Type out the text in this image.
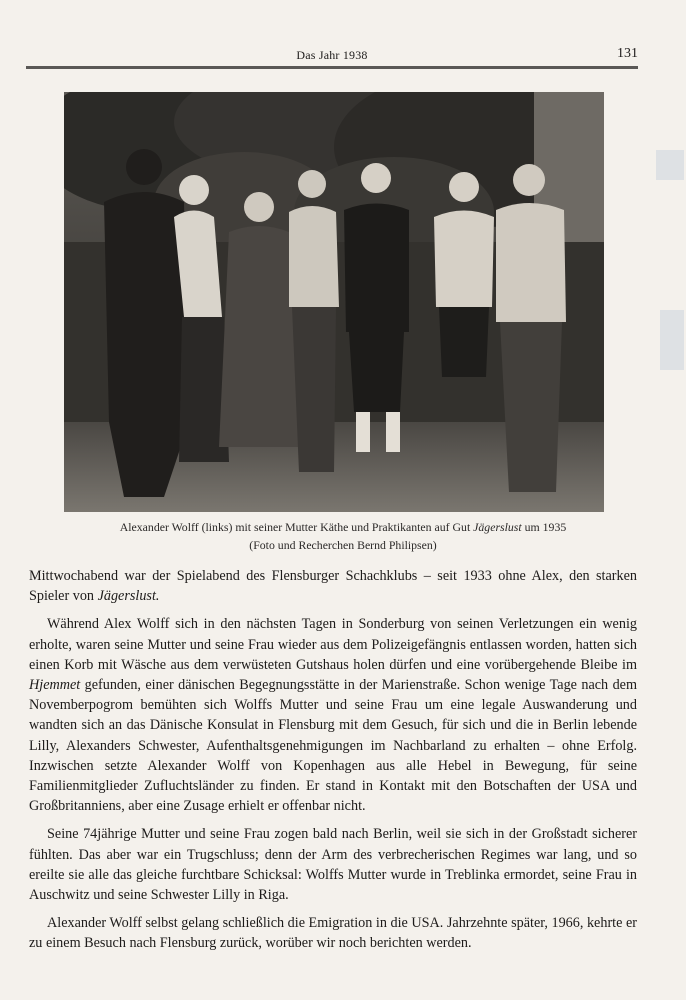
Das Jahr 1938	131
Alexander Wolff (links) mit seiner Mutter Käthe und Praktikanten auf Gut Jägerslust um 1935
(Foto und Recherchen Bernd Philipsen)

Mittwochabend war der Spielabend des Flensburger Schachklubs – seit 1933 ohne Alex, den starken Spieler von Jägerslust.

Während Alex Wolff sich in den nächsten Tagen in Sonderburg von seinen Verletzungen ein wenig erholte, waren seine Mutter und seine Frau wieder aus dem Polizeigefängnis entlassen worden, hatten sich einen Korb mit Wäsche aus dem verwüsteten Gutshaus holen dürfen und eine vorübergehende Bleibe im Hjemmet gefunden, einer dänischen Begegnungsstätte in der Marienstraße. Schon wenige Tage nach dem Novemberpogrom bemühten sich Wolffs Mutter und seine Frau um eine legale Auswanderung und wandten sich an das Dänische Konsulat in Flensburg mit dem Gesuch, für sich und die in Berlin lebende Lilly, Alexanders Schwester, Aufenthaltsgenehmigungen im Nachbarland zu erhalten – ohne Erfolg. Inzwischen setzte Alexander Wolff von Kopenhagen aus alle Hebel in Bewegung, für seine Familienmitglieder Zufluchtsländer zu finden. Er stand in Kontakt mit den Botschaften der USA und Großbritanniens, aber eine Zusage erhielt er offenbar nicht.

Seine 74jährige Mutter und seine Frau zogen bald nach Berlin, weil sie sich in der Großstadt sicherer fühlten. Das aber war ein Trugschluss; denn der Arm des verbrecherischen Regimes war lang, und so ereilte sie alle das gleiche furchtbare Schicksal: Wolffs Mutter wurde in Treblinka ermordet, seine Frau in Auschwitz und seine Schwester Lilly in Riga.

Alexander Wolff selbst gelang schließlich die Emigration in die USA. Jahrzehnte später, 1966, kehrte er zu einem Besuch nach Flensburg zurück, worüber wir noch berichten werden.
